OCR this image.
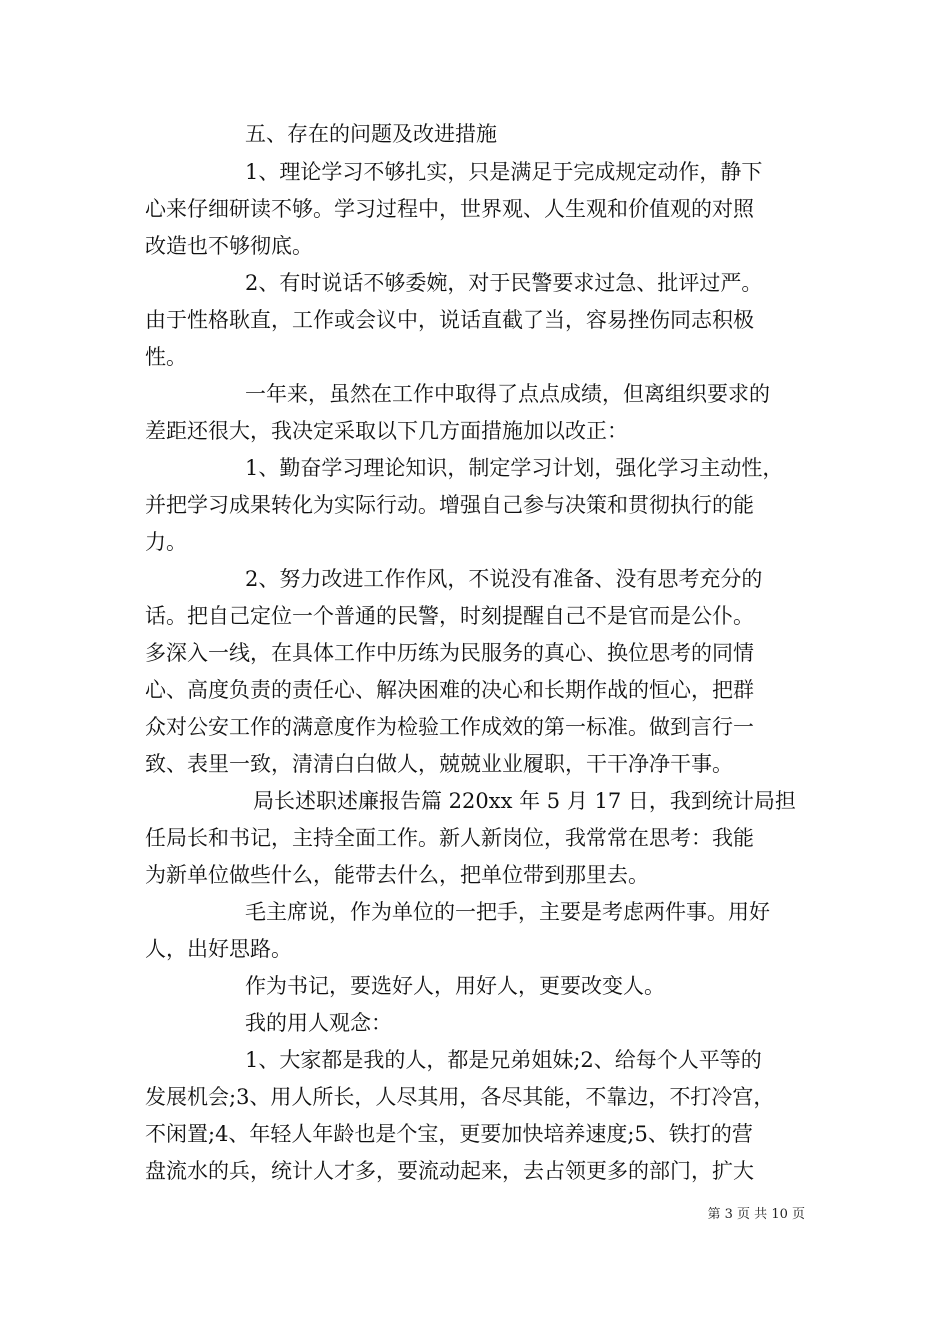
五、存在的问题及改进措施
1、理论学习不够扎实，只是满足于完成规定动作，静下
心来仔细研读不够。学习过程中，世界观、人生观和价值观的对照
改造也不够彻底。
2、有时说话不够委婉，对于民警要求过急、批评过严。
由于性格耿直，工作或会议中，说话直截了当，容易挫伤同志积极
性。
一年来，虽然在工作中取得了点点成绩，但离组织要求的
差距还很大，我决定采取以下几方面措施加以改正：
1、勤奋学习理论知识，制定学习计划，强化学习主动性，
并把学习成果转化为实际行动。增强自己参与决策和贯彻执行的能
力。
2、努力改进工作作风，不说没有准备、没有思考充分的
话。把自己定位一个普通的民警，时刻提醒自己不是官而是公仆。
多深入一线，在具体工作中历练为民服务的真心、换位思考的同情
心、高度负责的责任心、解决困难的决心和长期作战的恒心，把群
众对公安工作的满意度作为检验工作成效的第一标准。做到言行一
致、表里一致，清清白白做人，兢兢业业履职，干干净净干事。
局长述职述廉报告篇 220xx 年 5 月 17 日，我到统计局担
任局长和书记，主持全面工作。新人新岗位，我常常在思考：我能
为新单位做些什么，能带去什么，把单位带到那里去。
毛主席说，作为单位的一把手，主要是考虑两件事。用好
人，出好思路。
作为书记，要选好人，用好人，更要改变人。
我的用人观念：
1、大家都是我的人，都是兄弟姐妹;2、给每个人平等的
发展机会;3、用人所长，人尽其用，各尽其能，不靠边，不打冷宫，
不闲置;4、年轻人年龄也是个宝，更要加快培养速度;5、铁打的营
盘流水的兵，统计人才多，要流动起来，去占领更多的部门，扩大
第 3 页 共 10 页
